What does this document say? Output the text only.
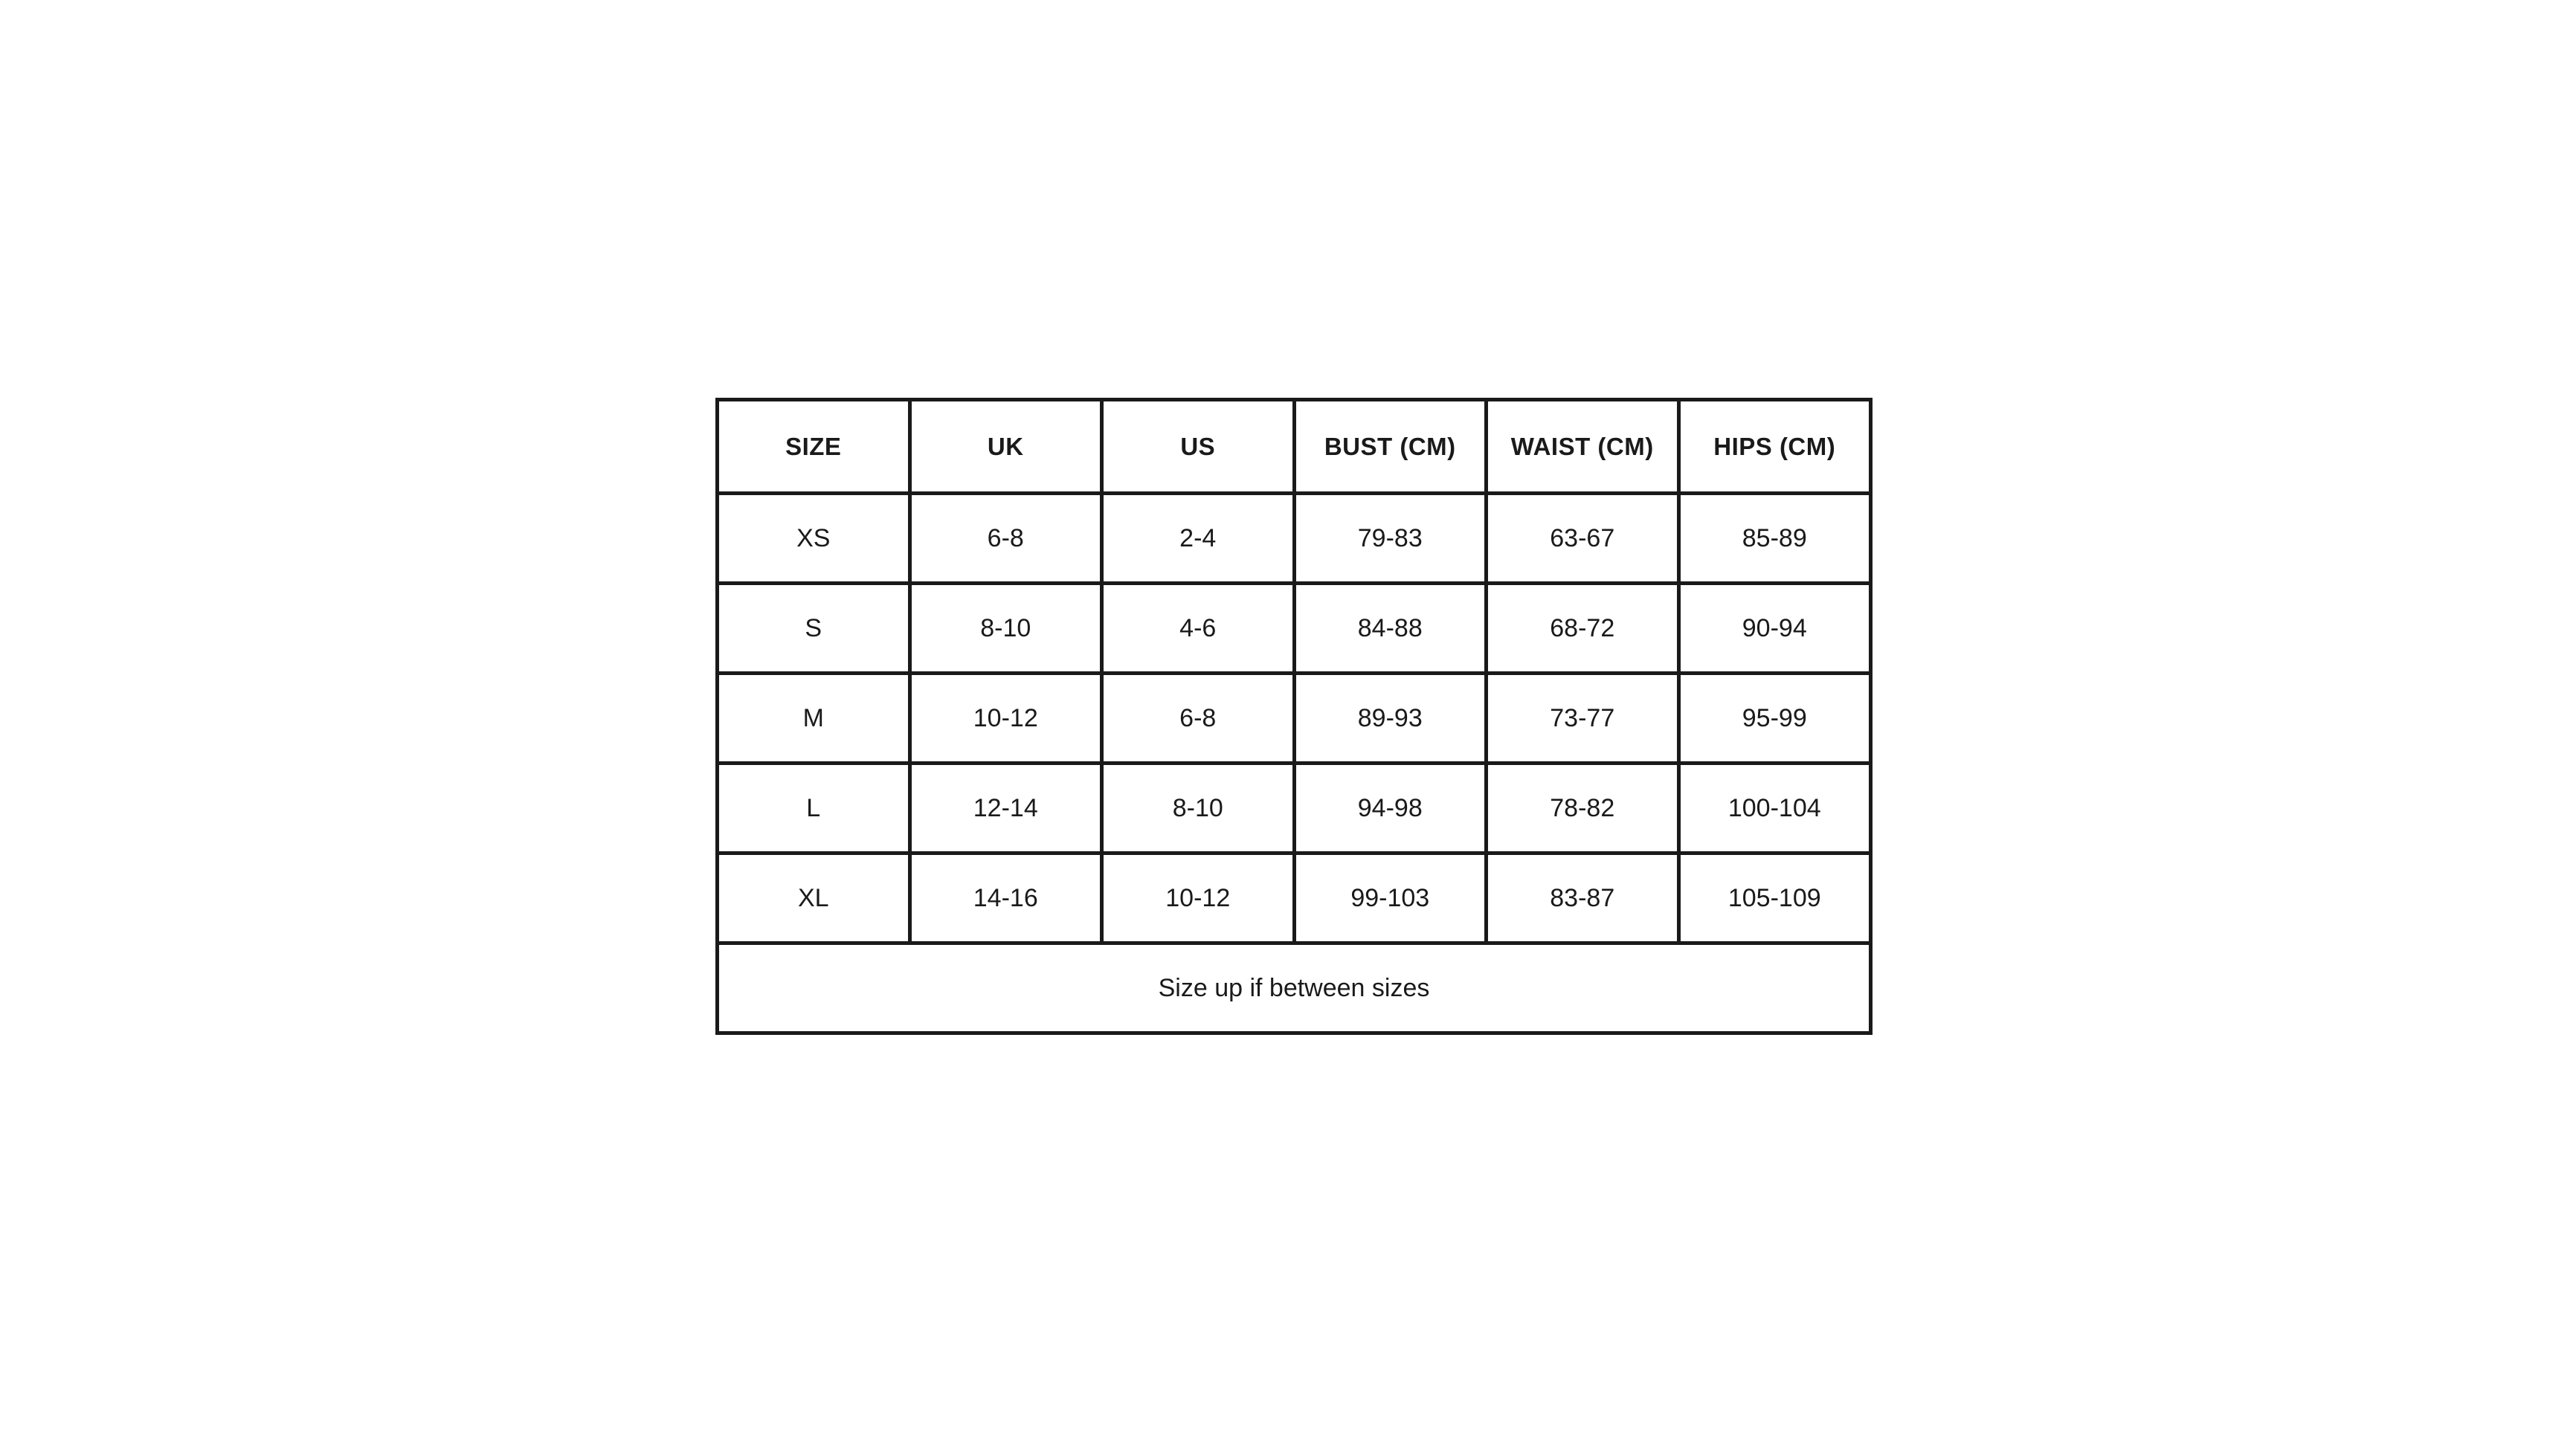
SIZE	UK	US	BUST (CM)	WAIST (CM)	HIPS (CM)
XS	6-8	2-4	79-83	63-67	85-89
S	8-10	4-6	84-88	68-72	90-94
M	10-12	6-8	89-93	73-77	95-99
L	12-14	8-10	94-98	78-82	100-104
XL	14-16	10-12	99-103	83-87	105-109
Size up if between sizes					
